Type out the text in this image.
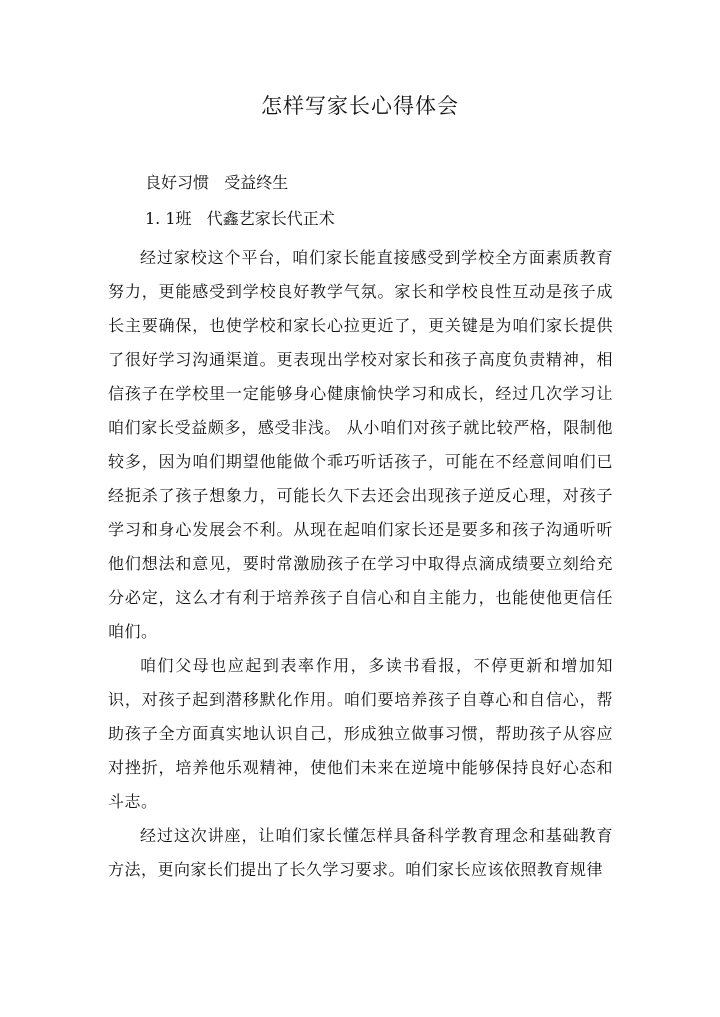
怎样写家长心得体会
良好习惯   受益终生
1. 1班   代鑫艺家长代正术

经过家校这个平台，咱们家长能直接感受到学校全方面素质教育努力，更能感受到学校良好教学气氛。家长和学校良性互动是孩子成长主要确保，也使学校和家长心拉更近了，更关键是为咱们家长提供了很好学习沟通渠道。更表现出学校对家长和孩子高度负责精神，相信孩子在学校里一定能够身心健康愉快学习和成长，经过几次学习让咱们家长受益颇多，感受非浅。 从小咱们对孩子就比较严格，限制他较多，因为咱们期望他能做个乖巧听话孩子，可能在不经意间咱们已经扼杀了孩子想象力，可能长久下去还会出现孩子逆反心理，对孩子学习和身心发展会不利。从现在起咱们家长还是要多和孩子沟通听听他们想法和意见，要时常激励孩子在学习中取得点滴成绩要立刻给充分必定，这么才有利于培养孩子自信心和自主能力，也能使他更信任咱们。

咱们父母也应起到表率作用，多读书看报，不停更新和增加知识，对孩子起到潜移默化作用。咱们要培养孩子自尊心和自信心，帮助孩子全方面真实地认识自己，形成独立做事习惯，帮助孩子从容应对挫折，培养他乐观精神，使他们未来在逆境中能够保持良好心态和斗志。

经过这次讲座，让咱们家长懂怎样具备科学教育理念和基础教育方法，更向家长们提出了长久学习要求。咱们家长应该依照教育规律
